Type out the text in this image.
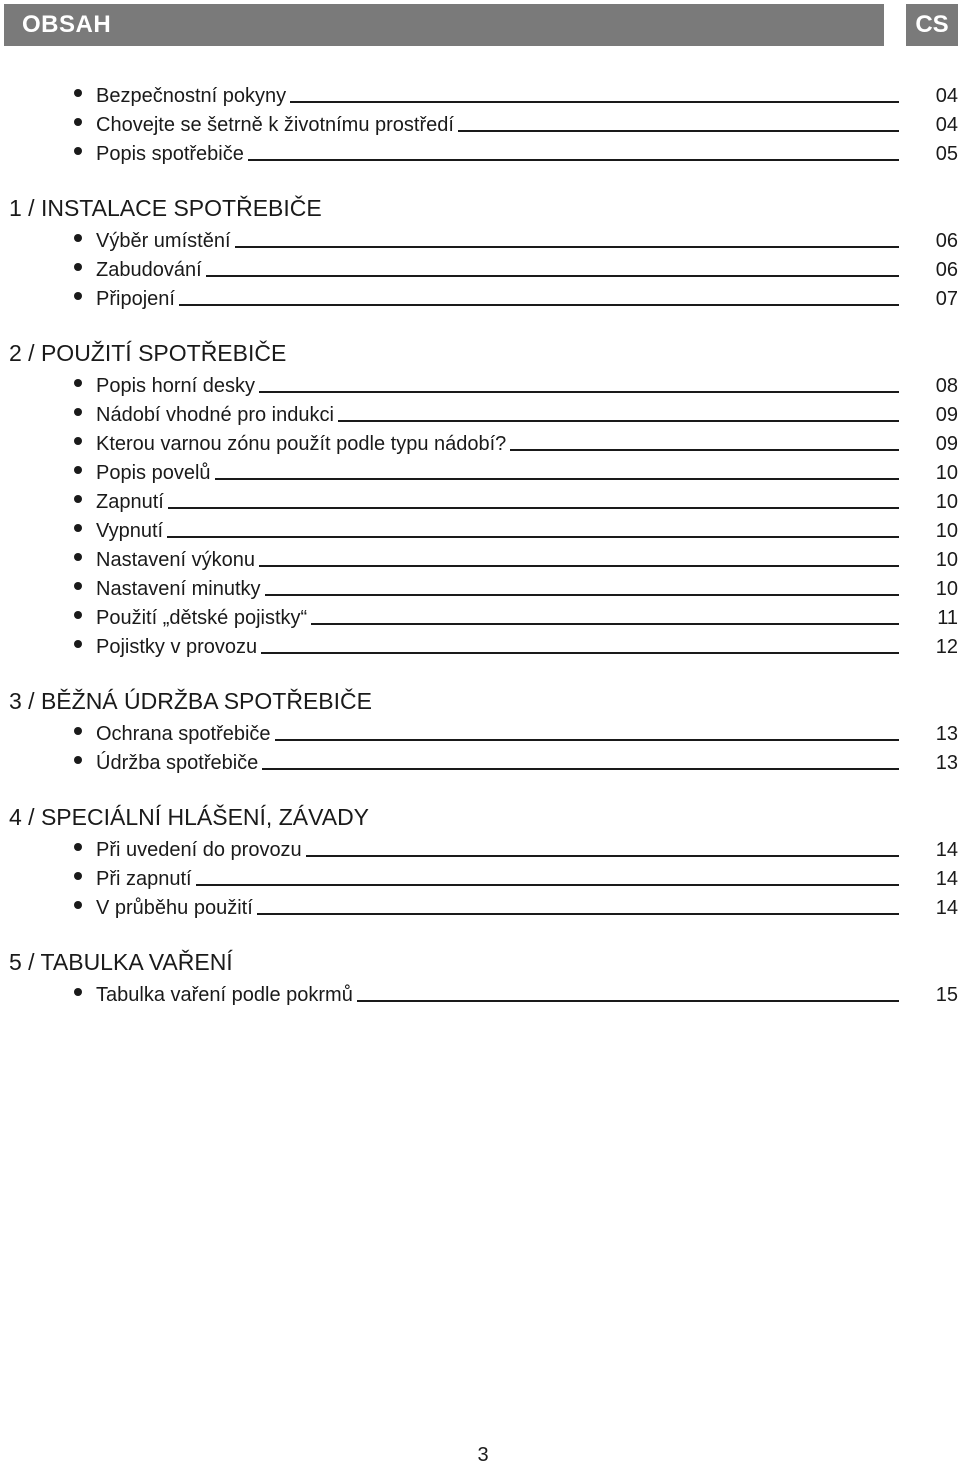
OBSAH	CS
Bezpečnostní pokyny	04
Chovejte se šetrně k životnímu prostředí	04
Popis spotřebiče	05
1 / INSTALACE SPOTŘEBIČE
Výběr umístění	06
Zabudování	06
Připojení	07
2 / POUŽITÍ SPOTŘEBIČE
Popis horní desky	08
Nádobí vhodné pro indukci	09
Kterou varnou zónu použít podle typu nádobí?	09
Popis povelů	10
Zapnutí	10
Vypnutí	10
Nastavení výkonu	10
Nastavení minutky	10
Použití „dětské pojistky“	11
Pojistky v provozu	12
3 / BĚŽNÁ ÚDRŽBA SPOTŘEBIČE
Ochrana spotřebiče	13
Údržba spotřebiče	13
4 / SPECIÁLNÍ HLÁŠENÍ, ZÁVADY
Při uvedení do provozu	14
Při zapnutí	14
V průběhu použití	14
5 / TABULKA VAŘENÍ
Tabulka vaření podle pokrmů	15
3
